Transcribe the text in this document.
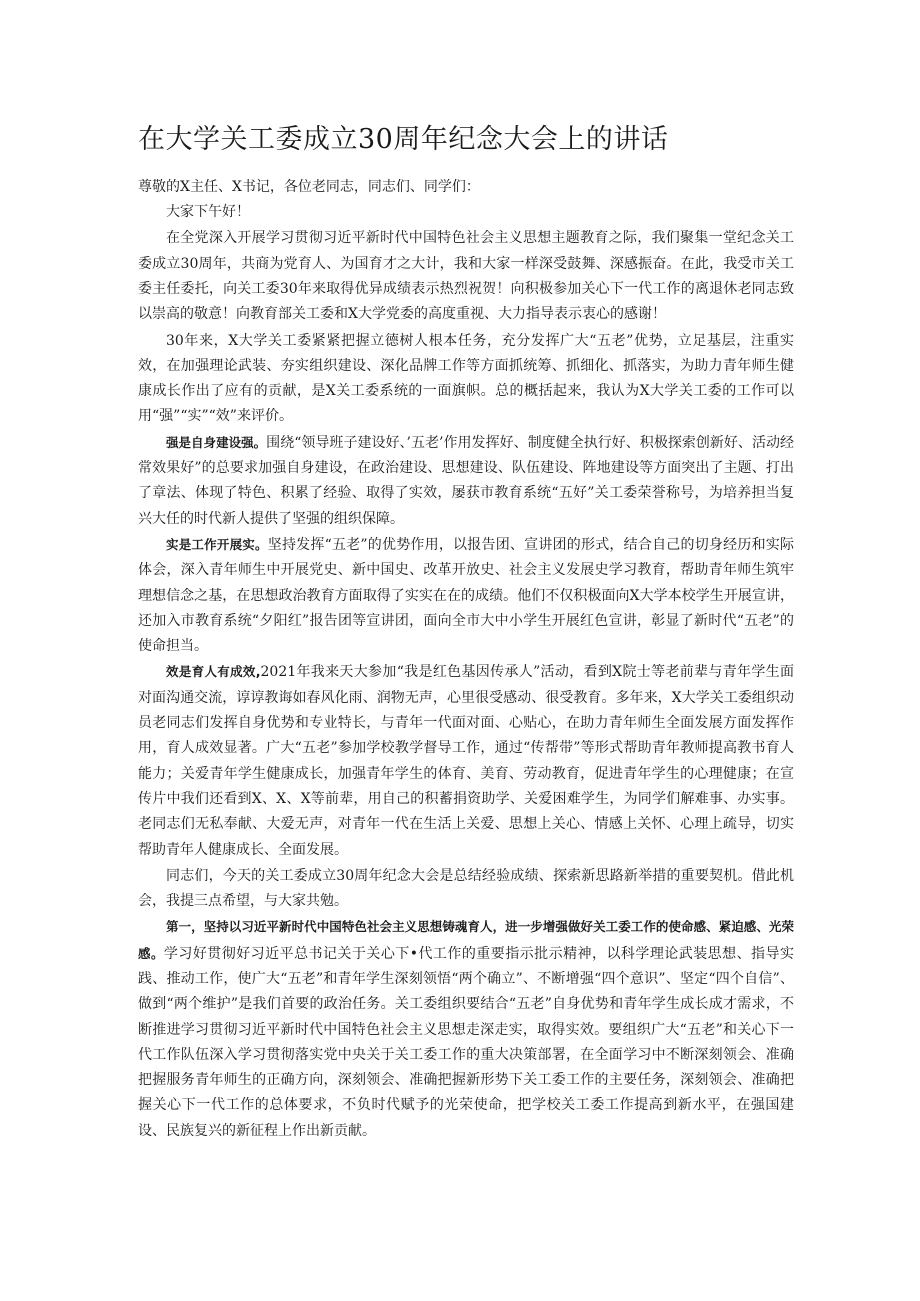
在大学关工委成立30周年纪念大会上的讲话

尊敬的X主任、X书记，各位老同志，同志们、同学们：

大家下午好！

在全党深入开展学习贯彻习近平新时代中国特色社会主义思想主题教育之际，我们聚集一堂纪念关工委成立30周年，共商为党育人、为国育才之大计，我和大家一样深受鼓舞、深感振奋。在此，我受市关工委主任委托，向关工委30年来取得优异成绩表示热烈祝贺！向积极参加关心下一代工作的离退休老同志致以崇高的敬意！向教育部关工委和X大学党委的高度重视、大力指导表示衷心的感谢！

30年来，X大学关工委紧紧把握立德树人根本任务，充分发挥广大“五老”优势，立足基层，注重实效，在加强理论武装、夯实组织建设、深化品牌工作等方面抓统筹、抓细化、抓落实，为助力青年师生健康成长作出了应有的贡献，是X关工委系统的一面旗帜。总的概括起来，我认为X大学关工委的工作可以用“强”“实”“效”来评价。

强是自身建设强。围绕“领导班子建设好、’五老’作用发挥好、制度健全执行好、积极探索创新好、活动经常效果好”的总要求加强自身建设，在政治建设、思想建设、队伍建设、阵地建设等方面突出了主题、打出了章法、体现了特色、积累了经验、取得了实效，屡获市教育系统“五好”关工委荣誉称号，为培养担当复兴大任的时代新人提供了坚强的组织保障。

实是工作开展实。坚持发挥“五老”的优势作用，以报告团、宣讲团的形式，结合自己的切身经历和实际体会，深入青年师生中开展党史、新中国史、改革开放史、社会主义发展史学习教育，帮助青年师生筑牢理想信念之基，在思想政治教育方面取得了实实在在的成绩。他们不仅积极面向X大学本校学生开展宣讲，还加入市教育系统“夕阳红”报告团等宣讲团，面向全市大中小学生开展红色宣讲，彰显了新时代“五老”的使命担当。

效是育人有成效,2021年我来天大参加“我是红色基因传承人”活动，看到X院士等老前辈与青年学生面对面沟通交流，谆谆教诲如春风化雨、润物无声，心里很受感动、很受教育。多年来，X大学关工委组织动员老同志们发挥自身优势和专业特长，与青年一代面对面、心贴心，在助力青年师生全面发展方面发挥作用，育人成效显著。广大“五老”参加学校教学督导工作，通过“传帮带”等形式帮助青年教师提高教书育人能力；关爱青年学生健康成长，加强青年学生的体育、美育、劳动教育，促进青年学生的心理健康；在宣传片中我们还看到X、X、X等前辈，用自己的积蓄捐资助学、关爱困难学生，为同学们解难事、办实事。老同志们无私奉献、大爱无声，对青年一代在生活上关爱、思想上关心、情感上关怀、心理上疏导，切实帮助青年人健康成长、全面发展。

同志们，今天的关工委成立30周年纪念大会是总结经验成绩、探索新思路新举措的重要契机。借此机会，我提三点希望，与大家共勉。

第一，坚持以习近平新时代中国特色社会主义思想铸魂育人，进一步增强做好关工委工作的使命感、紧迫感、光荣感。学习好贯彻好习近平总书记关于关心下•代工作的重要指示批示精神，以科学理论武装思想、指导实践、推动工作，使广大“五老”和青年学生深刻领悟“两个确立”、不断增强“四个意识”、坚定“四个自信”、做到“两个维护”是我们首要的政治任务。关工委组织要结合“五老”自身优势和青年学生成长成才需求，不断推进学习贯彻习近平新时代中国特色社会主义思想走深走实，取得实效。要组织广大“五老”和关心下一代工作队伍深入学习贯彻落实党中央关于关工委工作的重大决策部署，在全面学习中不断深刻领会、准确把握服务青年师生的正确方向，深刻领会、准确把握新形势下关工委工作的主要任务，深刻领会、准确把握关心下一代工作的总体要求，不负时代赋予的光荣使命，把学校关工委工作提高到新水平，在强国建设、民族复兴的新征程上作出新贡献。
